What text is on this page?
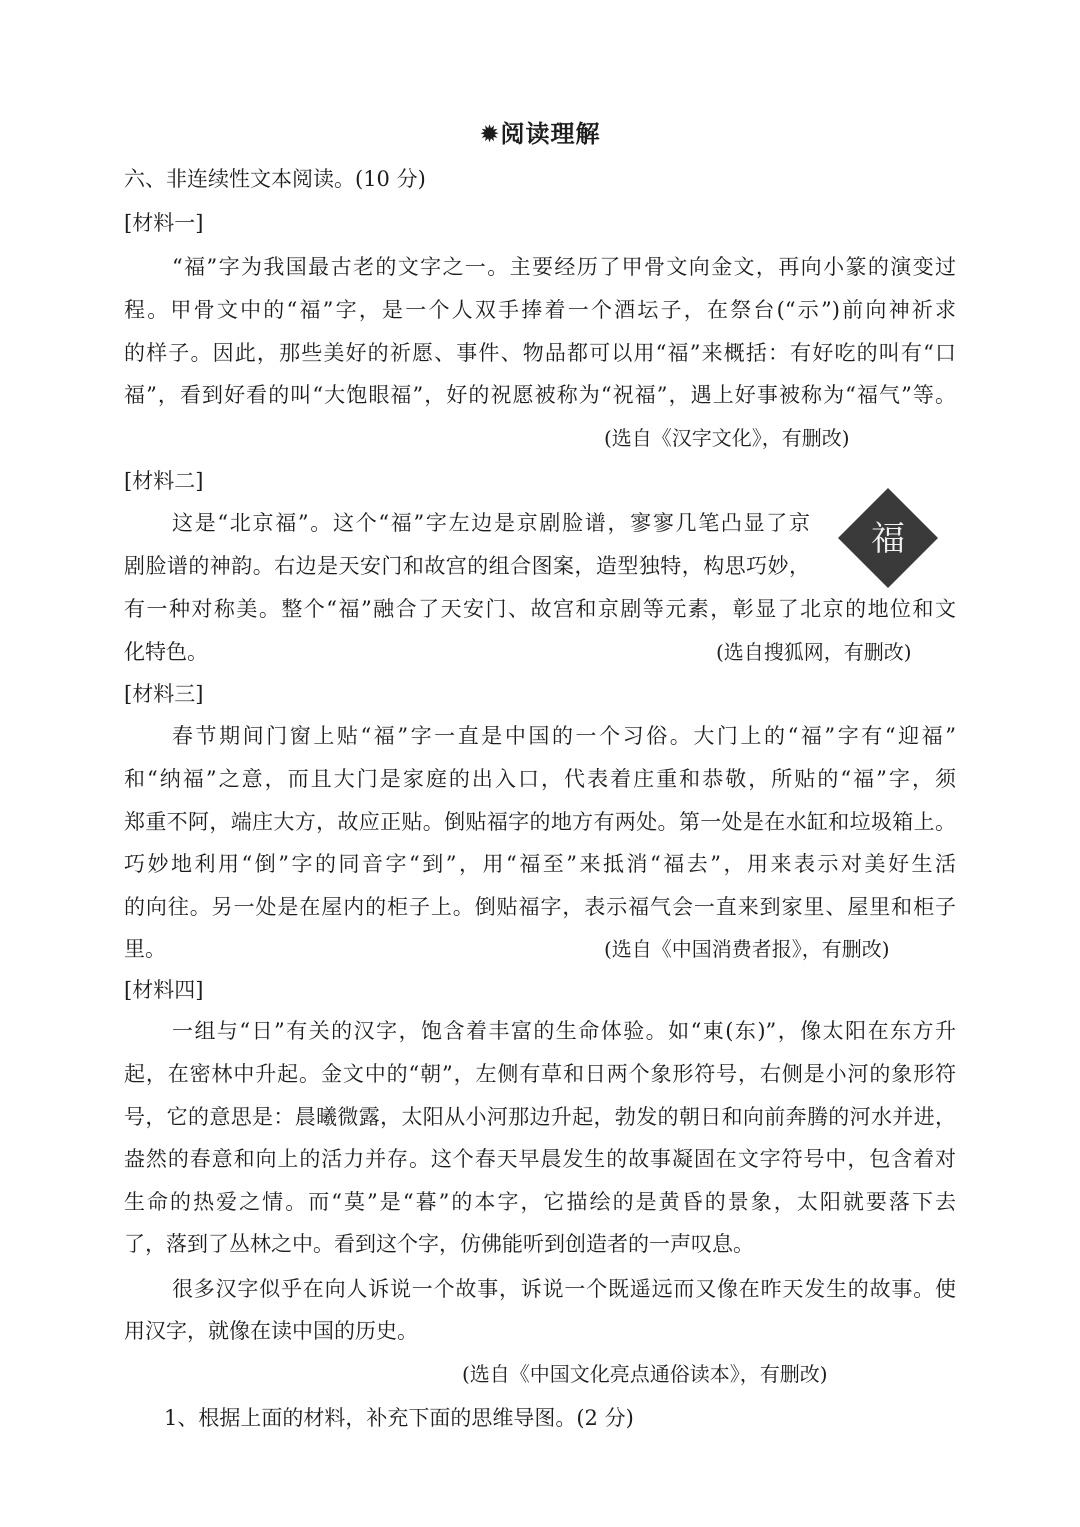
✹阅读理解
六、非连续性文本阅读。(10 分)
[材料一]
“福”字为我国最古老的文字之一。主要经历了甲骨文向金文，再向小篆的演变过
程。甲骨文中的“福”字，是一个人双手捧着一个酒坛子，在祭台(“示”)前向神祈求
的样子。因此，那些美好的祈愿、事件、物品都可以用“福”来概括：有好吃的叫有“口
福”，看到好看的叫“大饱眼福”，好的祝愿被称为“祝福”，遇上好事被称为“福气”等。
(选自《汉字文化》，有删改)
[材料二]
这是“北京福”。这个“福”字左边是京剧脸谱，寥寥几笔凸显了京
剧脸谱的神韵。右边是天安门和故宫的组合图案，造型独特，构思巧妙，
有一种对称美。整个“福”融合了天安门、故宫和京剧等元素，彰显了北京的地位和文
化特色。	(选自搜狐网，有删改)
福
[材料三]
春节期间门窗上贴“福”字一直是中国的一个习俗。大门上的“福”字有“迎福”
和“纳福”之意，而且大门是家庭的出入口，代表着庄重和恭敬，所贴的“福”字，须
郑重不阿，端庄大方，故应正贴。倒贴福字的地方有两处。第一处是在水缸和垃圾箱上。
巧妙地利用“倒”字的同音字“到”，用“福至”来抵消“福去”，用来表示对美好生活
的向往。另一处是在屋内的柜子上。倒贴福字，表示福气会一直来到家里、屋里和柜子
里。	(选自《中国消费者报》，有删改)
[材料四]
一组与“日”有关的汉字，饱含着丰富的生命体验。如“東(东)”，像太阳在东方升
起，在密林中升起。金文中的“朝”，左侧有草和日两个象形符号，右侧是小河的象形符
号，它的意思是：晨曦微露，太阳从小河那边升起，勃发的朝日和向前奔腾的河水并进，
盎然的春意和向上的活力并存。这个春天早晨发生的故事凝固在文字符号中，包含着对
生命的热爱之情。而“莫”是“暮”的本字，它描绘的是黄昏的景象，太阳就要落下去
了，落到了丛林之中。看到这个字，仿佛能听到创造者的一声叹息。
很多汉字似乎在向人诉说一个故事，诉说一个既遥远而又像在昨天发生的故事。使
用汉字，就像在读中国的历史。
(选自《中国文化亮点通俗读本》，有删改)
1、根据上面的材料，补充下面的思维导图。(2 分)
